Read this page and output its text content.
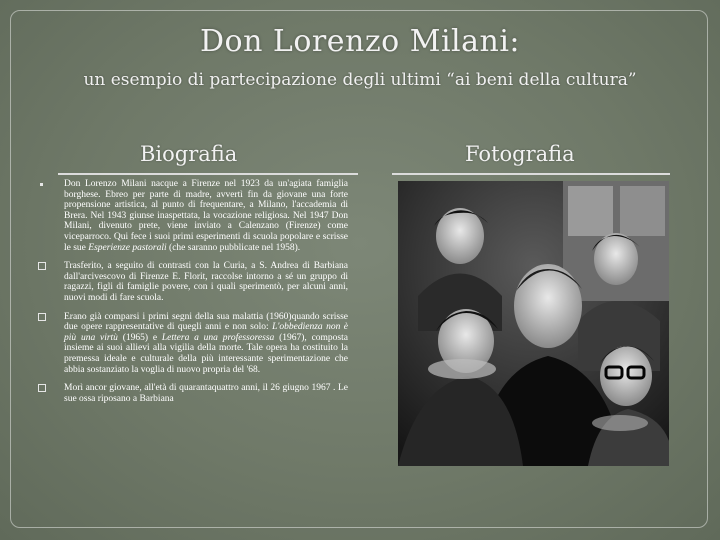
Don Lorenzo Milani:
un esempio di partecipazione degli ultimi “ai beni della cultura”
Biografia	Fotografia
Don Lorenzo Milani nacque a Firenze nel 1923 da un'agiata famiglia borghese. Ebreo per parte di madre, avvertì fin da giovane una forte propensione artistica, al punto di frequentare, a Milano, l'accademia di Brera. Nel 1943 giunse inaspettata, la vocazione religiosa. Nel 1947 Don Milani, divenuto prete, viene inviato a Calenzano (Firenze) come viceparroco. Qui fece i suoi primi esperimenti di scuola popolare e scrisse le sue Esperienze pastorali (che saranno pubblicate nel 1958).
Trasferito, a seguito di contrasti con la Curia, a S. Andrea di Barbiana dall'arcivescovo di Firenze E. Florit, raccolse intorno a sé un gruppo di ragazzi, figli di famiglie povere, con i quali sperimentò, per alcuni anni, nuovi modi di fare scuola.
Erano già comparsi i primi segni della sua malattia (1960)quando scrisse due opere rappresentative di quegli anni e non solo: L'obbedienza non è più una virtù (1965) e Lettera a una professoressa (1967), composta insieme ai suoi allievi alla vigilia della morte. Tale opera ha costituito la premessa ideale e culturale della più interessante sperimentazione che abbia sostanziato la voglia di nuovo propria del '68.
Morì ancor giovane, all'età di quarantaquattro anni, il 26 giugno 1967 . Le sue ossa riposano a Barbiana
